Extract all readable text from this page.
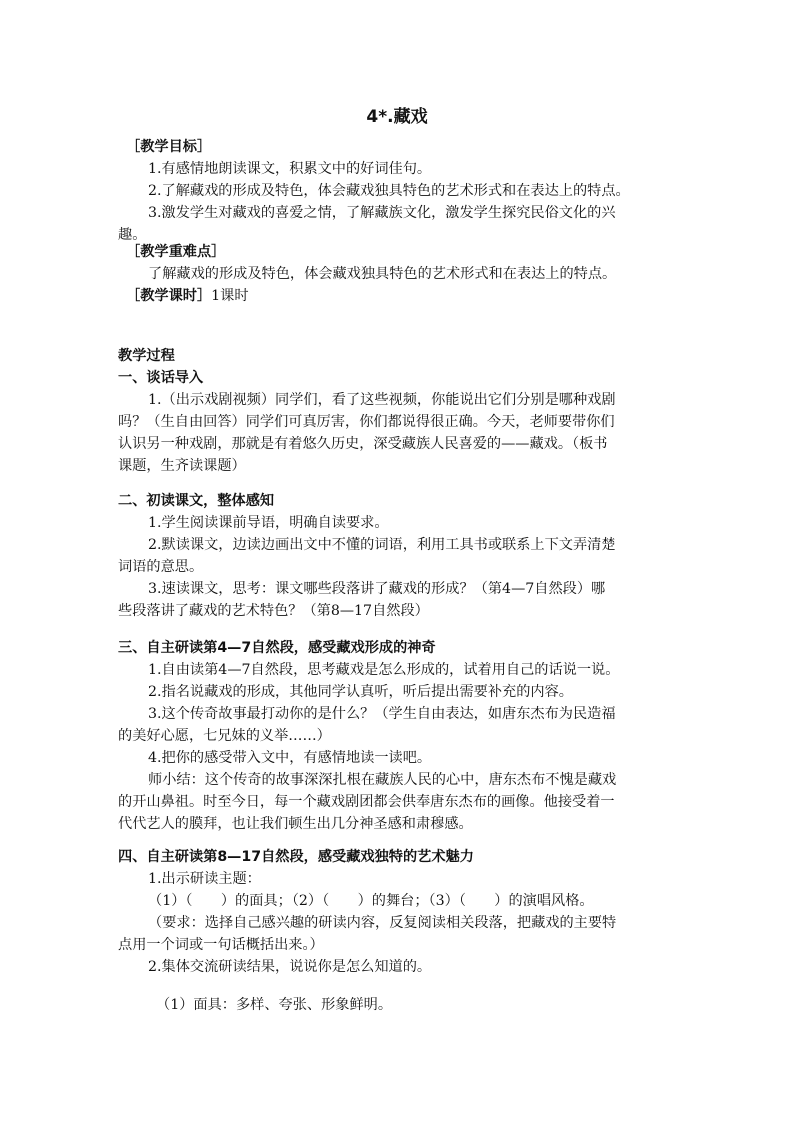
4*.藏戏
［教学目标］
1.有感情地朗读课文，积累文中的好词佳句。
2.了解藏戏的形成及特色，体会藏戏独具特色的艺术形式和在表达上的特点。
3.激发学生对藏戏的喜爱之情，了解藏族文化，激发学生探究民俗文化的兴
趣。
［教学重难点］
了解藏戏的形成及特色，体会藏戏独具特色的艺术形式和在表达上的特点。
［教学课时］1课时
教学过程
一、谈话导入
1.（出示戏剧视频）同学们，看了这些视频，你能说出它们分别是哪种戏剧
吗？（生自由回答）同学们可真厉害，你们都说得很正确。今天，老师要带你们
认识另一种戏剧，那就是有着悠久历史，深受藏族人民喜爱的——藏戏。（板书
课题，生齐读课题）
二、初读课文，整体感知
1.学生阅读课前导语，明确自读要求。
2.默读课文，边读边画出文中不懂的词语，利用工具书或联系上下文弄清楚
词语的意思。
3.速读课文，思考：课文哪些段落讲了藏戏的形成？（第4—7自然段）哪
些段落讲了藏戏的艺术特色？（第8—17自然段）
三、自主研读第4—7自然段，感受藏戏形成的神奇
1.自由读第4—7自然段，思考藏戏是怎么形成的，试着用自己的话说一说。
2.指名说藏戏的形成，其他同学认真听，听后提出需要补充的内容。
3.这个传奇故事最打动你的是什么？（学生自由表达，如唐东杰布为民造福
的美好心愿，七兄妹的义举……）
4.把你的感受带入文中，有感情地读一读吧。
师小结：这个传奇的故事深深扎根在藏族人民的心中，唐东杰布不愧是藏戏
的开山鼻祖。时至今日，每一个藏戏剧团都会供奉唐东杰布的画像。他接受着一
代代艺人的膜拜，也让我们顿生出几分神圣感和肃穆感。
四、自主研读第8—17自然段，感受藏戏独特的艺术魅力
1.出示研读主题：
（1）（　　）的面具；（2）（　　）的舞台；（3）（　　）的演唱风格。
（要求：选择自己感兴趣的研读内容，反复阅读相关段落，把藏戏的主要特
点用一个词或一句话概括出来。）
2.集体交流研读结果，说说你是怎么知道的。
（1）面具：多样、夸张、形象鲜明。
